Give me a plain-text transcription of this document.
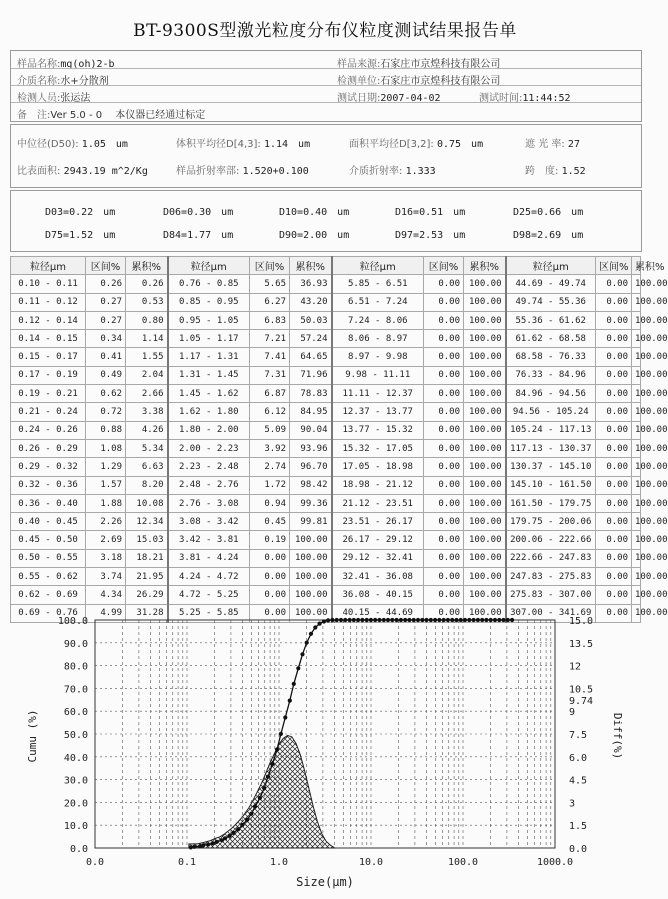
BT-9300S型激光粒度分布仪粒度测试结果报告单
样品名称:mg(oh)2-b	样品来源:石家庄市京煌科技有限公司
介质名称:水+分散剂	检测单位:石家庄市京煌科技有限公司
检测人员:张运法	测试日期:2007-04-02	测试时间:11:44:52
备　注:Ver 5.0 - 0　 本仪器已经通过标定
中位径(D50): 1.05　um	体积平均径D[4,3]: 1.14　um	面积平均径D[3,2]: 0.75　um	遮 光 率: 27
比表面积: 2943.19 m^2/Kg	样品折射率部: 1.520+0.100	介质折射率: 1.333	跨　度: 1.52
D03=0.22　um	D06=0.30　um	D10=0.40　um	D16=0.51　um	D25=0.66　um
D75=1.52　um	D84=1.77　um	D90=2.00　um	D97=2.53　um	D98=2.69　um
粒径μm	区间%	累积%	粒径μm	区间%	累积%	粒径μm	区间%	累积%	粒径μm	区间%	累积%
0.10 - 0.11	0.26	0.26	0.76 - 0.85	5.65	36.93	5.85 - 6.51	0.00	100.00	44.69 - 49.74	0.00	100.00
0.11 - 0.12	0.27	0.53	0.85 - 0.95	6.27	43.20	6.51 - 7.24	0.00	100.00	49.74 - 55.36	0.00	100.00
0.12 - 0.14	0.27	0.80	0.95 - 1.05	6.83	50.03	7.24 - 8.06	0.00	100.00	55.36 - 61.62	0.00	100.00
0.14 - 0.15	0.34	1.14	1.05 - 1.17	7.21	57.24	8.06 - 8.97	0.00	100.00	61.62 - 68.58	0.00	100.00
0.15 - 0.17	0.41	1.55	1.17 - 1.31	7.41	64.65	8.97 - 9.98	0.00	100.00	68.58 - 76.33	0.00	100.00
0.17 - 0.19	0.49	2.04	1.31 - 1.45	7.31	71.96	9.98 - 11.11	0.00	100.00	76.33 - 84.96	0.00	100.00
0.19 - 0.21	0.62	2.66	1.45 - 1.62	6.87	78.83	11.11 - 12.37	0.00	100.00	84.96 - 94.56	0.00	100.00
0.21 - 0.24	0.72	3.38	1.62 - 1.80	6.12	84.95	12.37 - 13.77	0.00	100.00	94.56 - 105.24	0.00	100.00
0.24 - 0.26	0.88	4.26	1.80 - 2.00	5.09	90.04	13.77 - 15.32	0.00	100.00	105.24 - 117.13	0.00	100.00
0.26 - 0.29	1.08	5.34	2.00 - 2.23	3.92	93.96	15.32 - 17.05	0.00	100.00	117.13 - 130.37	0.00	100.00
0.29 - 0.32	1.29	6.63	2.23 - 2.48	2.74	96.70	17.05 - 18.98	0.00	100.00	130.37 - 145.10	0.00	100.00
0.32 - 0.36	1.57	8.20	2.48 - 2.76	1.72	98.42	18.98 - 21.12	0.00	100.00	145.10 - 161.50	0.00	100.00
0.36 - 0.40	1.88	10.08	2.76 - 3.08	0.94	99.36	21.12 - 23.51	0.00	100.00	161.50 - 179.75	0.00	100.00
0.40 - 0.45	2.26	12.34	3.08 - 3.42	0.45	99.81	23.51 - 26.17	0.00	100.00	179.75 - 200.06	0.00	100.00
0.45 - 0.50	2.69	15.03	3.42 - 3.81	0.19	100.00	26.17 - 29.12	0.00	100.00	200.06 - 222.66	0.00	100.00
0.50 - 0.55	3.18	18.21	3.81 - 4.24	0.00	100.00	29.12 - 32.41	0.00	100.00	222.66 - 247.83	0.00	100.00
0.55 - 0.62	3.74	21.95	4.24 - 4.72	0.00	100.00	32.41 - 36.08	0.00	100.00	247.83 - 275.83	0.00	100.00
0.62 - 0.69	4.34	26.29	4.72 - 5.25	0.00	100.00	36.08 - 40.15	0.00	100.00	275.83 - 307.00	0.00	100.00
0.69 - 0.76	4.99	31.28	5.25 - 5.85	0.00	100.00	40.15 - 44.69	0.00	100.00	307.00 - 341.69	0.00	100.00
100.0
90.0
80.0
70.0
60.0
50.0
40.0
30.0
20.0
10.0
0.0
15.0
13.5
12
10.5
9.74
9
7.5
6.0
4.5
3
1.5
0.0
0.0	0.1	1.0	10.0	100.0	1000.0
Cumu (%)	Diff(%)
Size(μm)
